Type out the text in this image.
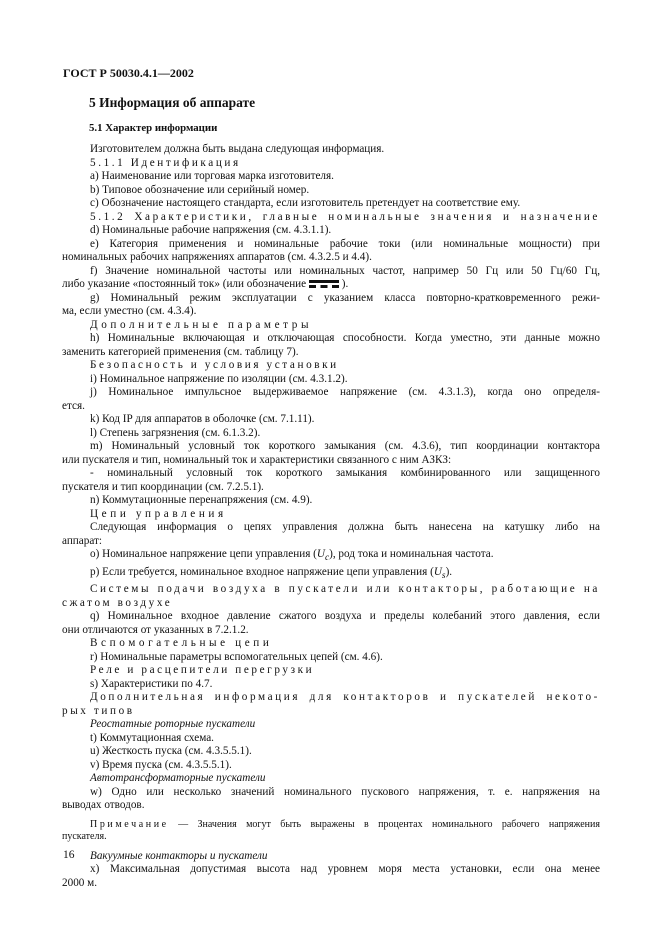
ГОСТ Р 50030.4.1—2002
5 Информация об аппарате
5.1 Характер информации

Изготовителем должна быть выдана следующая информация.

5.1.1 Идентификация

a) Наименование или торговая марка изготовителя.

b) Типовое обозначение или серийный номер.

c) Обозначение настоящего стандарта, если изготовитель претендует на соответствие ему.

5.1.2 Характеристики, главные номинальные значения и назначение

d) Номинальные рабочие напряжения (см. 4.3.1.1).

e) Категория применения и номинальные рабочие токи (или номинальные мощности) при

номинальных рабочих напряжениях аппаратов (см. 4.3.2.5 и 4.4).

f) Значение номинальной частоты или номинальных частот, например 50 Гц или 50 Гц/60 Гц,

либо указание «постоянный ток» (или обозначение	).

g) Номинальный режим эксплуатации с указанием класса повторно-кратковременного режи-

ма, если уместно (см. 4.3.4).

Дополнительные параметры

h) Номинальные включающая и отключающая способности. Когда уместно, эти данные можно

заменить категорией применения (см. таблицу 7).

Безопасность и условия установки

i) Номинальное напряжение по изоляции (см. 4.3.1.2).

j) Номинальное импульсное выдерживаемое напряжение (см. 4.3.1.3), когда оно определя-

ется.

k) Код IP для аппаратов в оболочке (см. 7.1.11).

l) Степень загрязнения (см. 6.1.3.2).

m) Номинальный условный ток короткого замыкания (см. 4.3.6), тип координации контактора

или пускателя и тип, номинальный ток и характеристики связанного с ним АЗКЗ:

- номинальный условный ток короткого замыкания комбинированного или защищенного

пускателя и тип координации (см. 7.2.5.1).

n) Коммутационные перенапряжения (см. 4.9).

Цепи управления

Следующая информация о цепях управления должна быть нанесена на катушку либо на

аппарат:

o) Номинальное напряжение цепи управления $(U_c)$, род тока и номинальная частота.

p) Если требуется, номинальное входное напряжение цепи управления $(U_s)$.

Системы подачи воздуха в пускатели или контакторы, работающие на

сжатом воздухе

q) Номинальное входное давление сжатого воздуха и пределы колебаний этого давления, если

они отличаются от указанных в 7.2.1.2.

Вспомогательные цепи

r) Номинальные параметры вспомогательных цепей (см. 4.6).

Реле и расцепители перегрузки

s) Характеристики по 4.7.

Дополнительная информация для контакторов и пускателей некото-

рых типов

Реостатные роторные пускатели

t) Коммутационная схема.

u) Жесткость пуска (см. 4.3.5.5.1).

v) Время пуска (см. 4.3.5.5.1).

Автотрансформаторные пускатели

w) Одно или несколько значений номинального пускового напряжения, т. е. напряжения на

выводах отводов.

Примечание — Значения могут быть выражены в процентах номинального рабочего напряжения

пускателя.

Вакуумные контакторы и пускатели

x) Максимальная допустимая высота над уровнем моря места установки, если она менее

2000 м.

16
